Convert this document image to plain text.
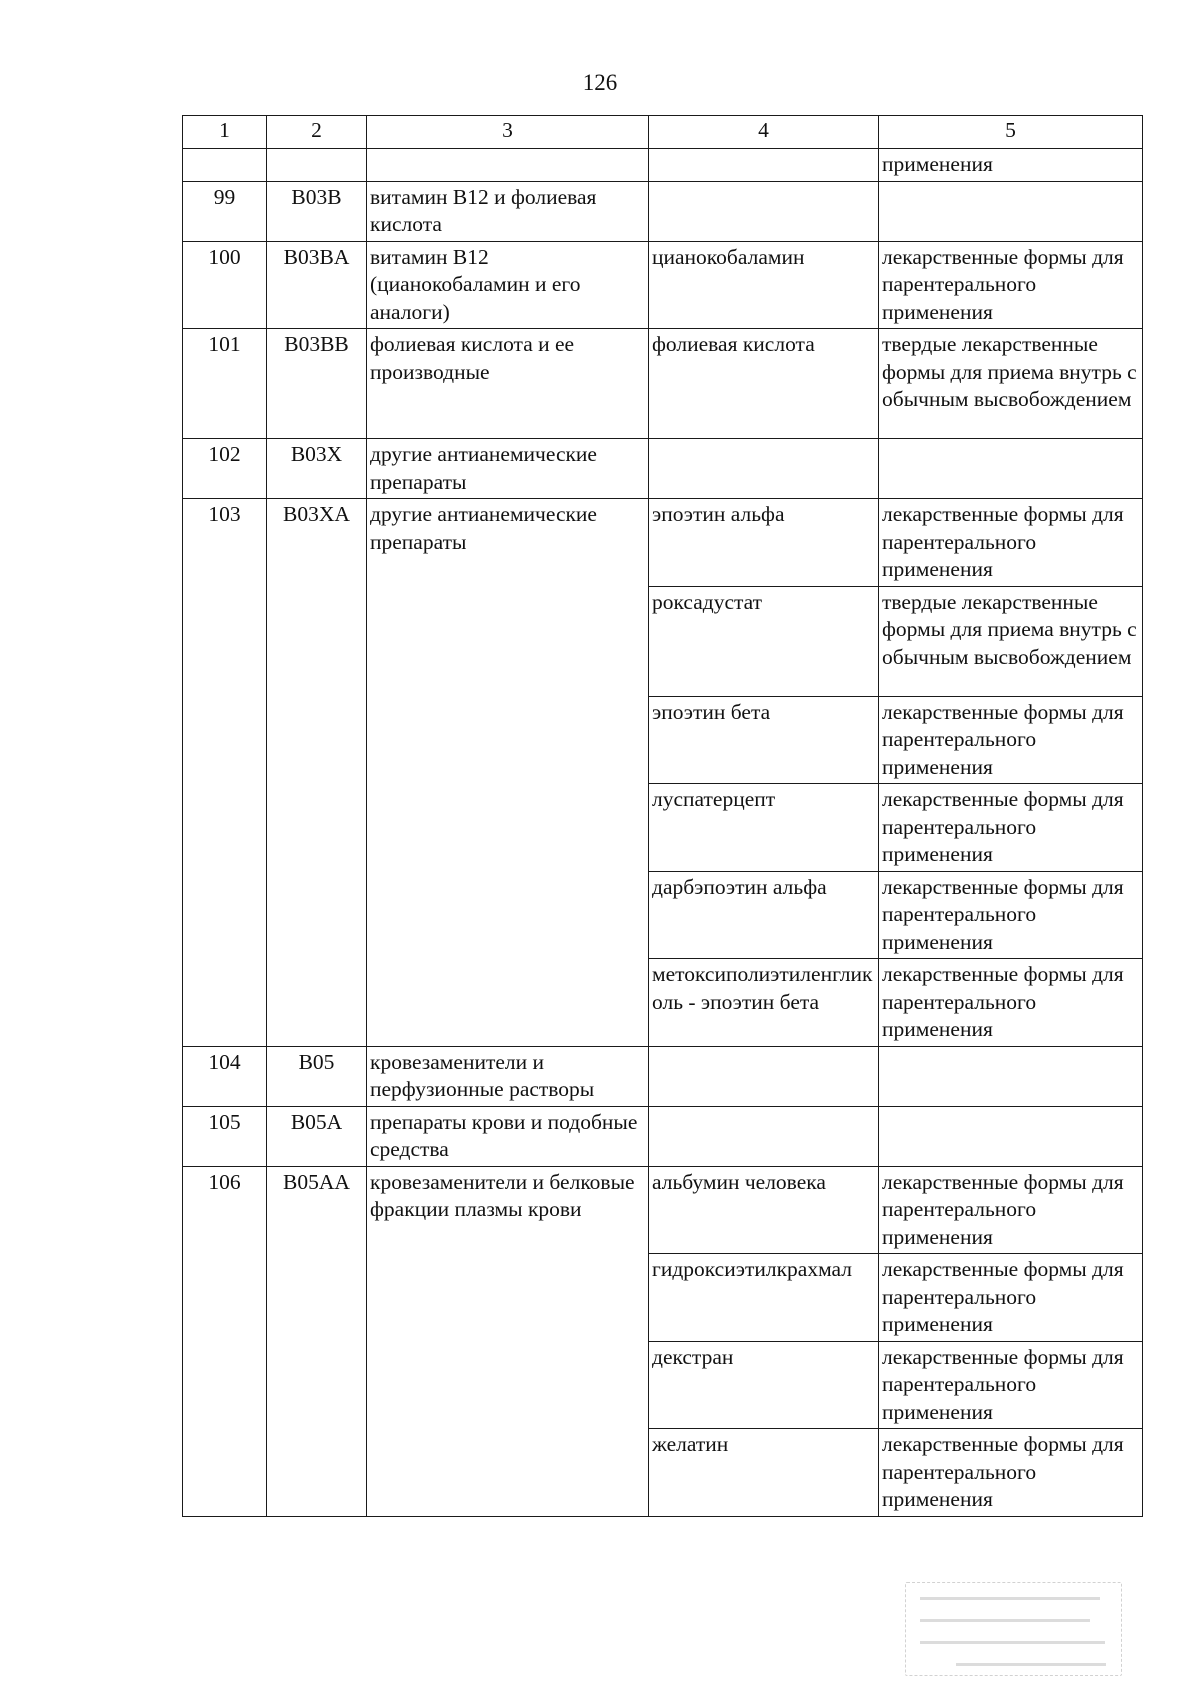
126
1	2	3	4	5
				применения
99	B03B	витамин B12 и фолиевая кислота		
100	B03BA	витамин B12 (цианокобаламин и его аналоги)	цианокобаламин	лекарственные формы для парентерального применения
101	B03BB	фолиевая кислота и ее производные	фолиевая кислота	твердые лекарственные формы для приема внутрь с обычным высвобождением
102	B03X	другие антианемические препараты		
103	B03XA	другие антианемические препараты	эпоэтин альфа	лекарственные формы для парентерального применения
			роксадустат	твердые лекарственные формы для приема внутрь с обычным высвобождением
			эпоэтин бета	лекарственные формы для парентерального применения
			луспатерцепт	лекарственные формы для парентерального применения
			дарбэпоэтин альфа	лекарственные формы для парентерального применения
			метоксиполиэтиленгликоль - эпоэтин бета	лекарственные формы для парентерального применения
104	B05	кровезаменители и перфузионные растворы		
105	B05A	препараты крови и подобные средства		
106	B05AA	кровезаменители и белковые фракции плазмы крови	альбумин человека	лекарственные формы для парентерального применения
			гидроксиэтилкрахмал	лекарственные формы для парентерального применения
			декстран	лекарственные формы для парентерального применения
			желатин	лекарственные формы для парентерального применения
